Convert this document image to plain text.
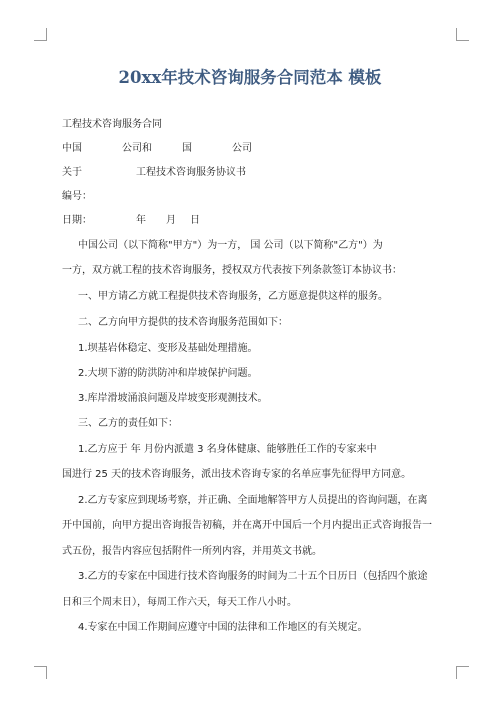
20xx年技术咨询服务合同范本 模板
工程技术咨询服务合同
中国	公司和	国	公司
关于	工程技术咨询服务协议书
编号：
日期：	年 月 日
中国公司（以下简称"甲方"）为一方， 国 公司（以下简称"乙方"）为
一方，双方就工程的技术咨询服务，授权双方代表按下列条款签订本协议书：
一、甲方请乙方就工程提供技术咨询服务，乙方愿意提供这样的服务。
二、乙方向甲方提供的技术咨询服务范围如下：
1.坝基岩体稳定、变形及基础处理措施。
2.大坝下游的防洪防冲和岸坡保护问题。
3.库岸滑坡涌浪问题及岸坡变形观测技术。
三、乙方的责任如下：
1.乙方应于 年 月份内派遣 3 名身体健康、能够胜任工作的专家来中
国进行 25 天的技术咨询服务，派出技术咨询专家的名单应事先征得甲方同意。
2.乙方专家应到现场考察，并正确、全面地解答甲方人员提出的咨询问题，在离
开中国前，向甲方提出咨询报告初稿，并在离开中国后一个月内提出正式咨询报告一
式五份，报告内容应包括附件一所列内容，并用英文书就。
3.乙方的专家在中国进行技术咨询服务的时间为二十五个日历日（包括四个旅途
日和三个周末日），每周工作六天，每天工作八小时。
4.专家在中国工作期间应遵守中国的法律和工作地区的有关规定。
